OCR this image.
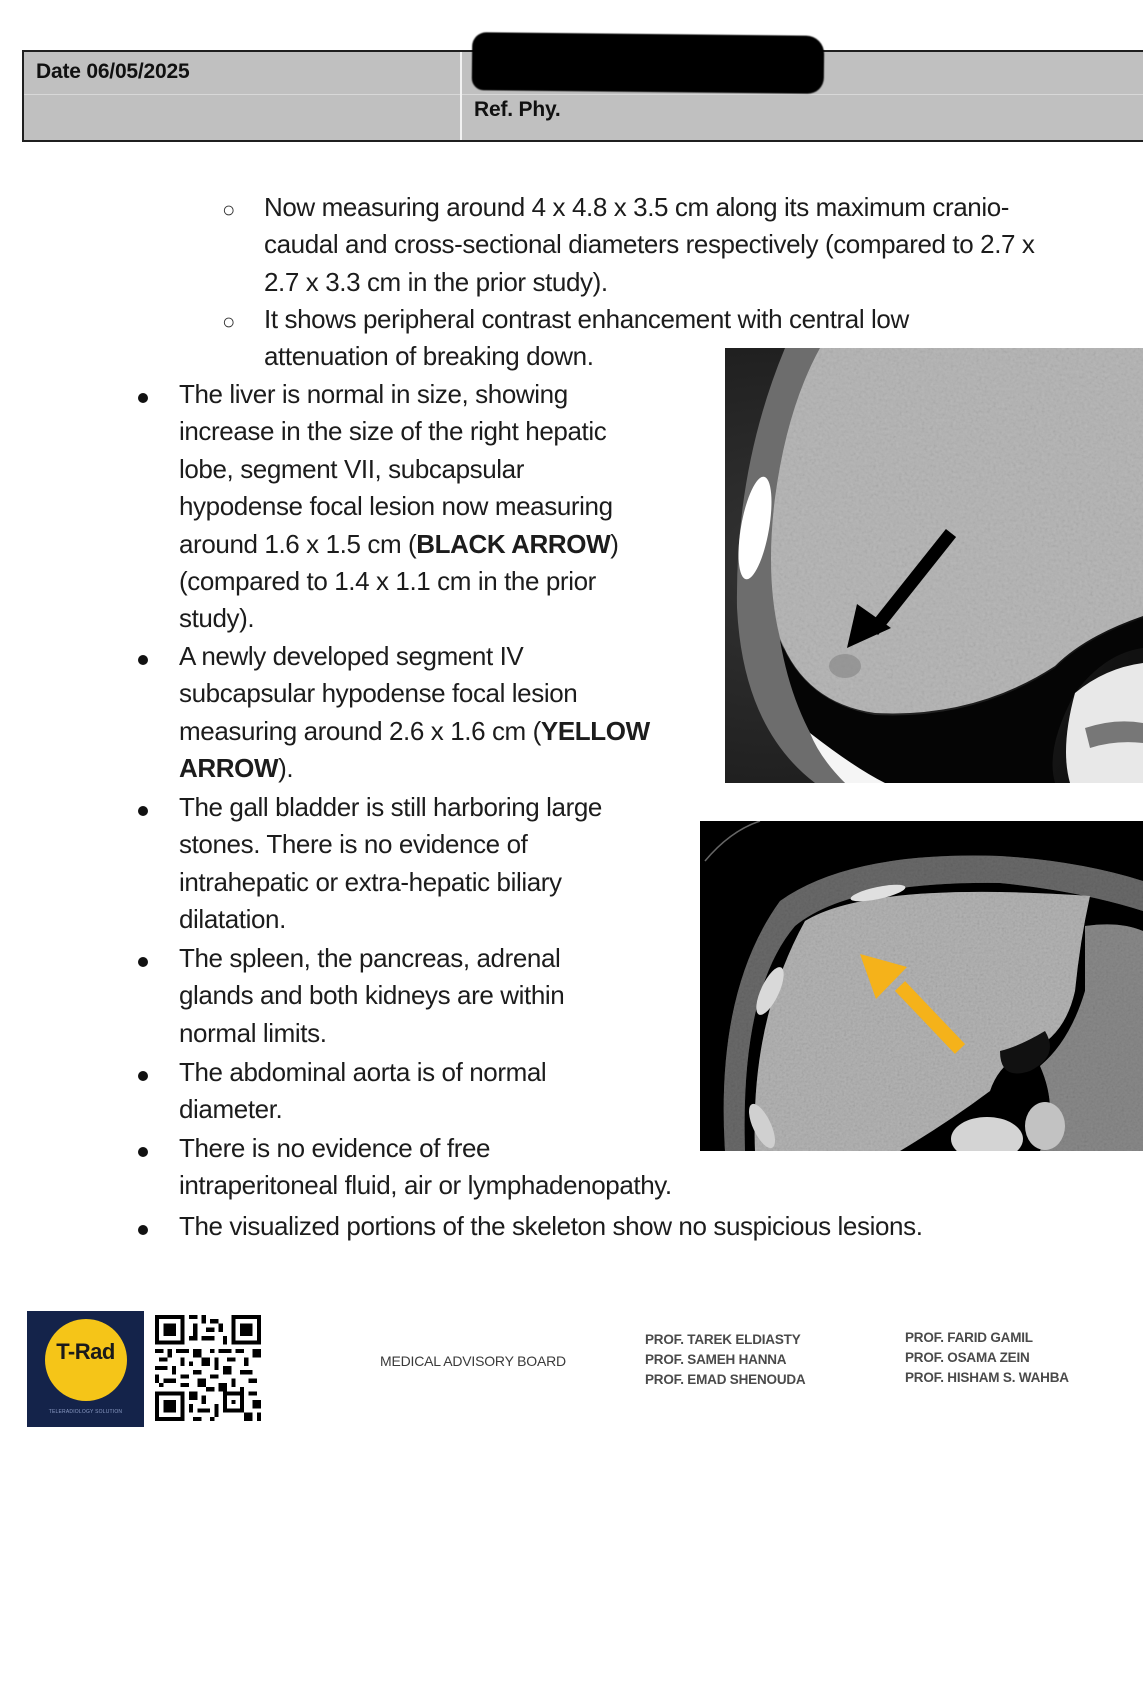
Date 06/05/2025
Ref. Phy.
○ Now measuring around 4 x 4.8 x 3.5 cm along its maximum cranio-
caudal and cross-sectional diameters respectively (compared to 2.7 x
2.7 x 3.3 cm in the prior study).
○ It shows peripheral contrast enhancement with central low
attenuation of breaking down.
The liver is normal in size, showing
increase in the size of the right hepatic
lobe, segment VII, subcapsular
hypodense focal lesion now measuring
around 1.6 x 1.5 cm (BLACK ARROW)
(compared to 1.4 x 1.1 cm in the prior
study).
A newly developed segment IV
subcapsular hypodense focal lesion
measuring around 2.6 x 1.6 cm (YELLOW
ARROW).
The gall bladder is still harboring large
stones. There is no evidence of
intrahepatic or extra-hepatic biliary
dilatation.
The spleen, the pancreas, adrenal
glands and both kidneys are within
normal limits.
The abdominal aorta is of normal
diameter.
There is no evidence of free
intraperitoneal fluid, air or lymphadenopathy.
The visualized portions of the skeleton show no suspicious lesions.
T-Rad
TELERADIOLOGY SOLUTION
MEDICAL ADVISORY BOARD
PROF. TAREK ELDIASTY
PROF. SAMEH HANNA
PROF. EMAD SHENOUDA
PROF. FARID GAMIL
PROF. OSAMA ZEIN
PROF. HISHAM S. WAHBA
